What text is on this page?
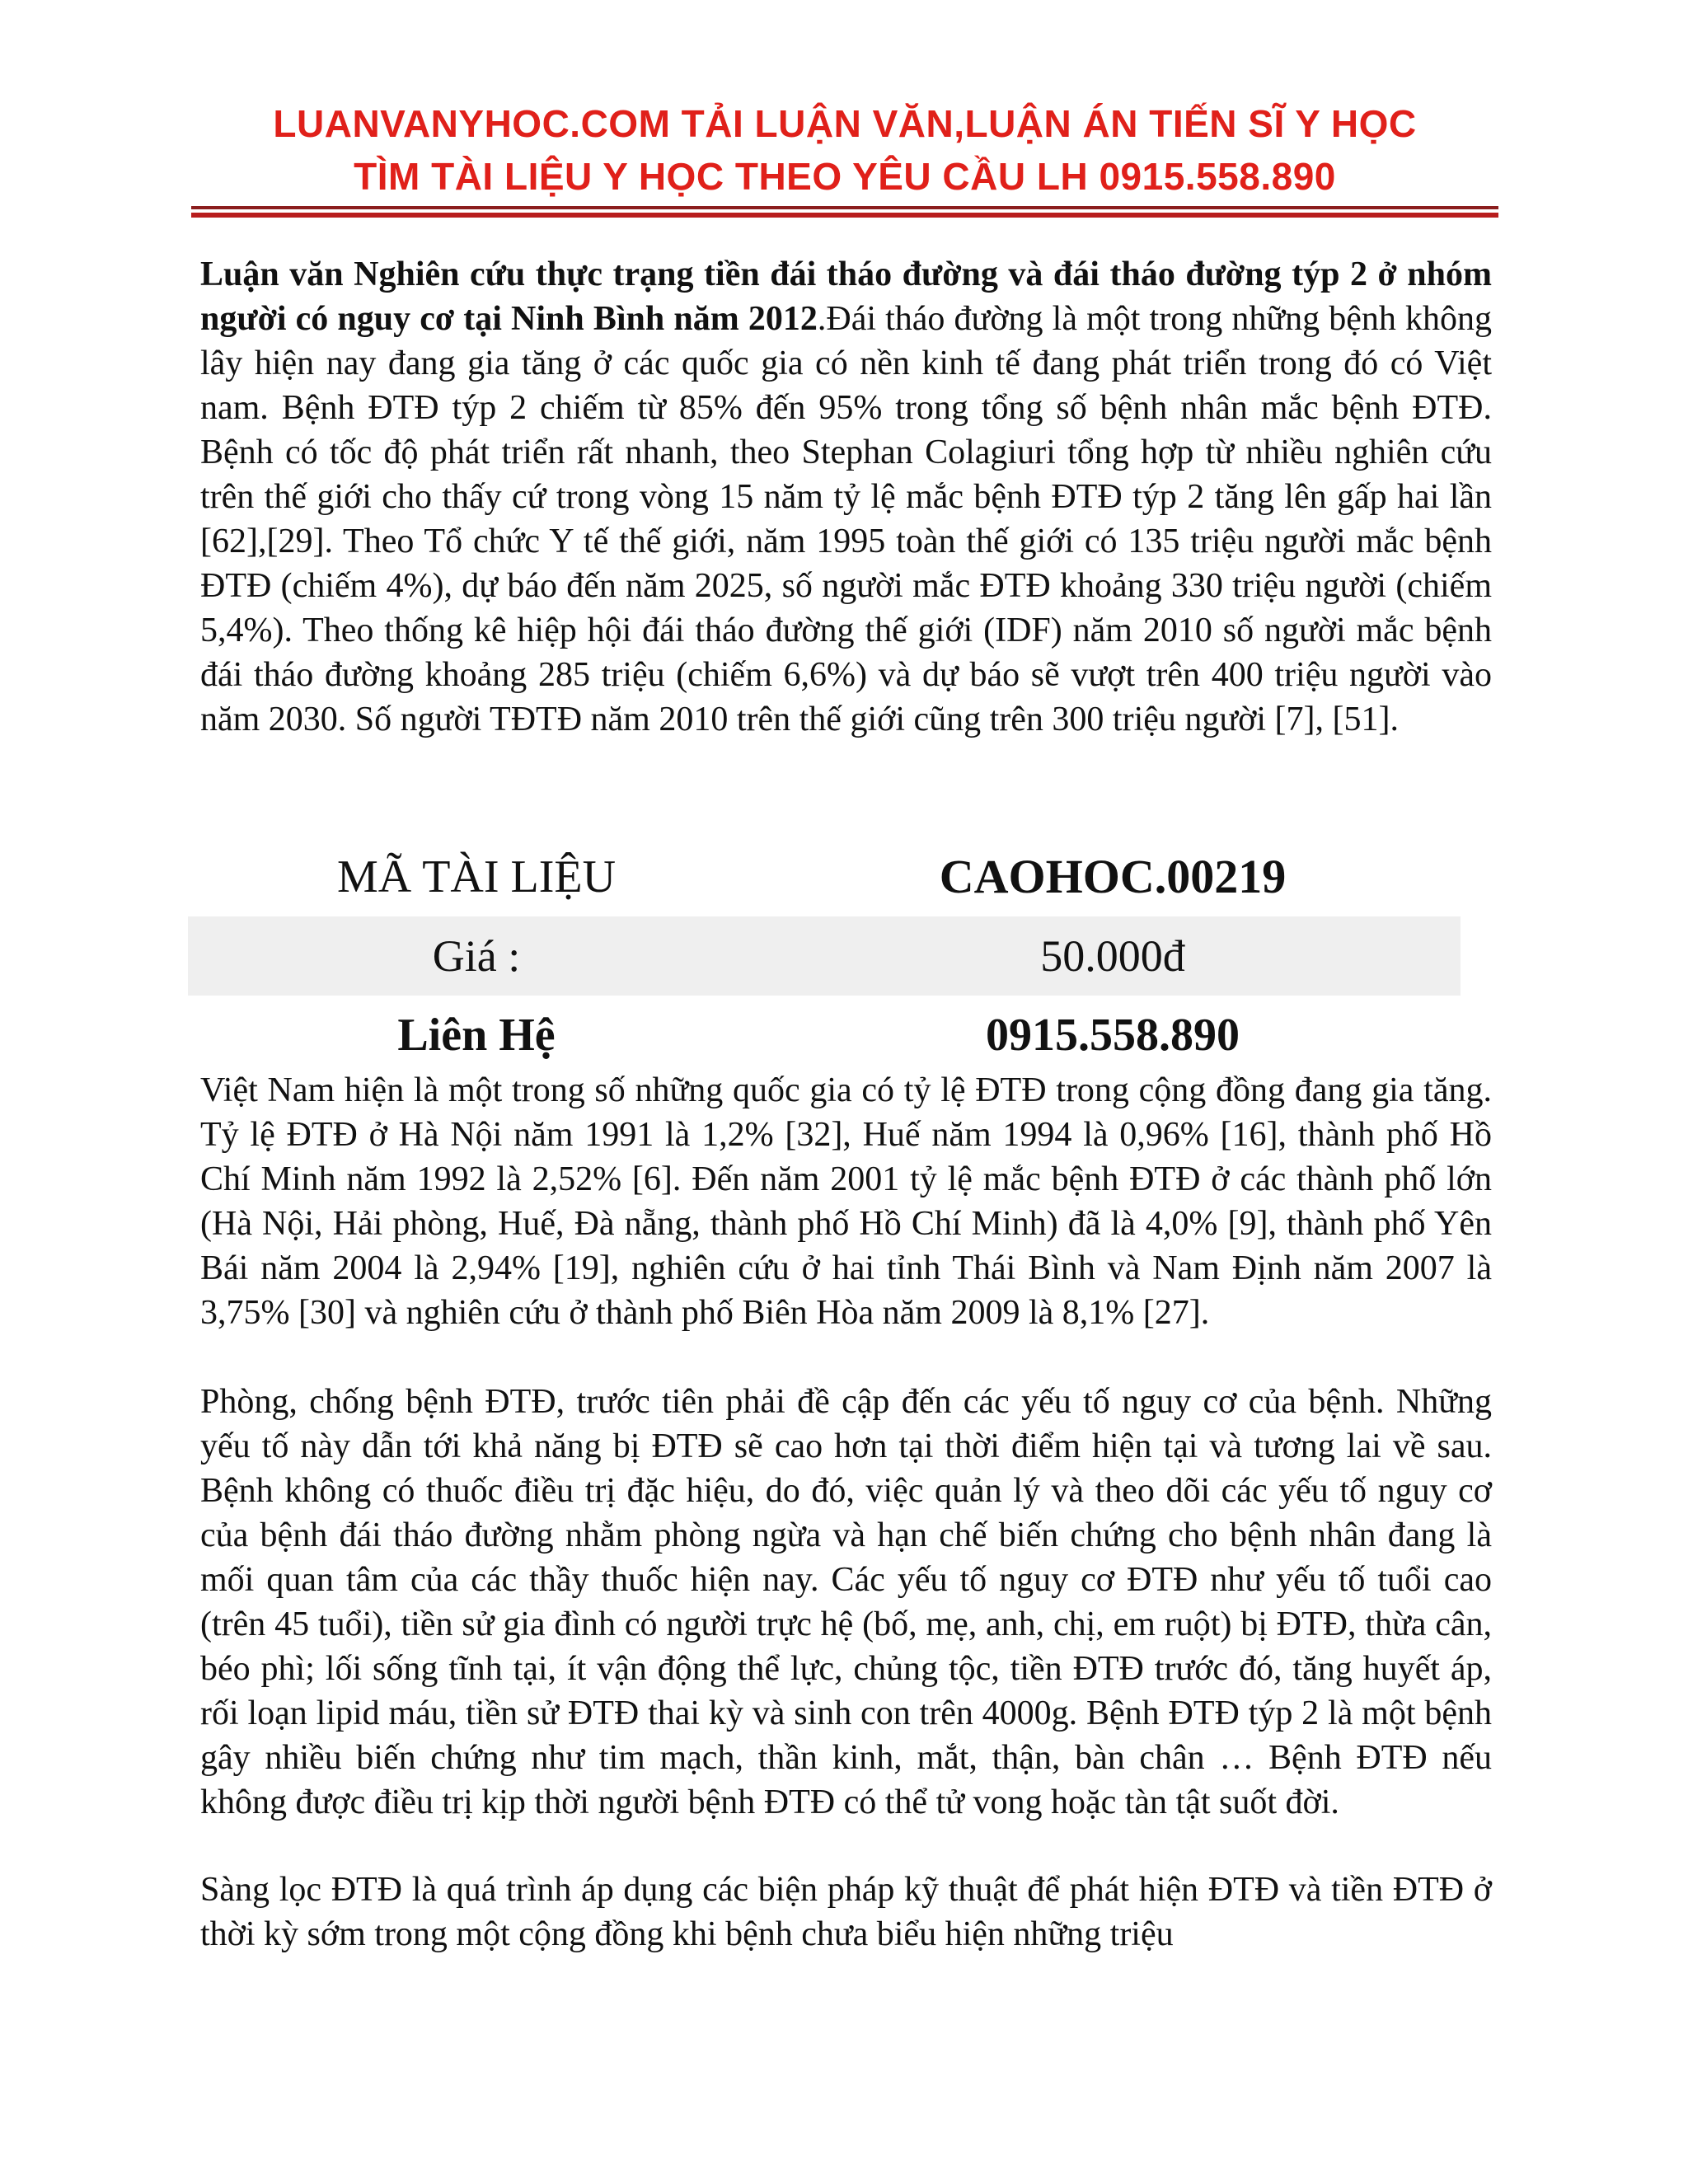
LUANVANYHOC.COM TẢI LUẬN VĂN,LUẬN ÁN TIẾN SĨ Y HỌC
TÌM TÀI LIỆU Y HỌC THEO YÊU CẦU LH 0915.558.890
Luận văn Nghiên cứu thực trạng tiền đái tháo đường và đái tháo đường týp 2 ở nhóm người có nguy cơ tại Ninh Bình năm 2012.Đái tháo đường là một trong những bệnh không lây hiện nay đang gia tăng ở các quốc gia có nền kinh tế đang phát triển trong đó có Việt nam. Bệnh ĐTĐ týp 2 chiếm từ 85% đến 95% trong tổng số bệnh nhân mắc bệnh ĐTĐ. Bệnh có tốc độ phát triển rất nhanh, theo Stephan Colagiuri tổng hợp từ nhiều nghiên cứu trên thế giới cho thấy cứ trong vòng 15 năm tỷ lệ mắc bệnh ĐTĐ týp 2 tăng lên gấp hai lần [62],[29]. Theo Tổ chức Y tế thế giới, năm 1995 toàn thế giới có 135 triệu người mắc bệnh ĐTĐ (chiếm 4%), dự báo đến năm 2025, số người mắc ĐTĐ khoảng 330 triệu người (chiếm 5,4%). Theo thống kê hiệp hội đái tháo đường thế giới (IDF) năm 2010 số người mắc bệnh đái tháo đường khoảng 285 triệu (chiếm 6,6%) và dự báo sẽ vượt trên 400 triệu người vào năm 2030. Số người TĐTĐ năm 2010 trên thế giới cũng trên 300 triệu người [7], [51].
MÃ TÀI LIỆU	CAOHOC.00219
Giá :	50.000đ
Liên Hệ	0915.558.890
Việt Nam hiện là một trong số những quốc gia có tỷ lệ ĐTĐ trong cộng đồng đang gia tăng. Tỷ lệ ĐTĐ ở Hà Nội năm 1991 là 1,2% [32], Huế năm 1994 là 0,96% [16], thành phố Hồ Chí Minh năm 1992 là 2,52% [6]. Đến năm 2001 tỷ lệ mắc bệnh ĐTĐ ở các thành phố lớn (Hà Nội, Hải phòng, Huế, Đà nẵng, thành phố Hồ Chí Minh) đã là 4,0% [9], thành phố Yên Bái năm 2004 là 2,94% [19], nghiên cứu ở hai tỉnh Thái Bình và Nam Định năm 2007 là 3,75% [30] và nghiên cứu ở thành phố Biên Hòa năm 2009 là 8,1% [27].
Phòng, chống bệnh ĐTĐ, trước tiên phải đề cập đến các yếu tố nguy cơ của bệnh. Những yếu tố này dẫn tới khả năng bị ĐTĐ sẽ cao hơn tại thời điểm hiện tại và tương lai về sau. Bệnh không có thuốc điều trị đặc hiệu, do đó, việc quản lý và theo dõi các yếu tố nguy cơ của bệnh đái tháo đường nhằm phòng ngừa và hạn chế biến chứng cho bệnh nhân đang là mối quan tâm của các thầy thuốc hiện nay. Các yếu tố nguy cơ ĐTĐ như yếu tố tuổi cao (trên 45 tuổi), tiền sử gia đình có người trực hệ (bố, mẹ, anh, chị, em ruột) bị ĐTĐ, thừa cân, béo phì; lối sống tĩnh tại, ít vận động thể lực, chủng tộc, tiền ĐTĐ trước đó, tăng huyết áp, rối loạn lipid máu, tiền sử ĐTĐ thai kỳ và sinh con trên 4000g. Bệnh ĐTĐ týp 2 là một bệnh gây nhiều biến chứng như tim mạch, thần kinh, mắt, thận, bàn chân … Bệnh ĐTĐ nếu không được điều trị kịp thời người bệnh ĐTĐ có thể tử vong hoặc tàn tật suốt đời.
Sàng lọc ĐTĐ là quá trình áp dụng các biện pháp kỹ thuật để phát hiện ĐTĐ và tiền ĐTĐ ở thời kỳ sớm trong một cộng đồng khi bệnh chưa biểu hiện những triệu
